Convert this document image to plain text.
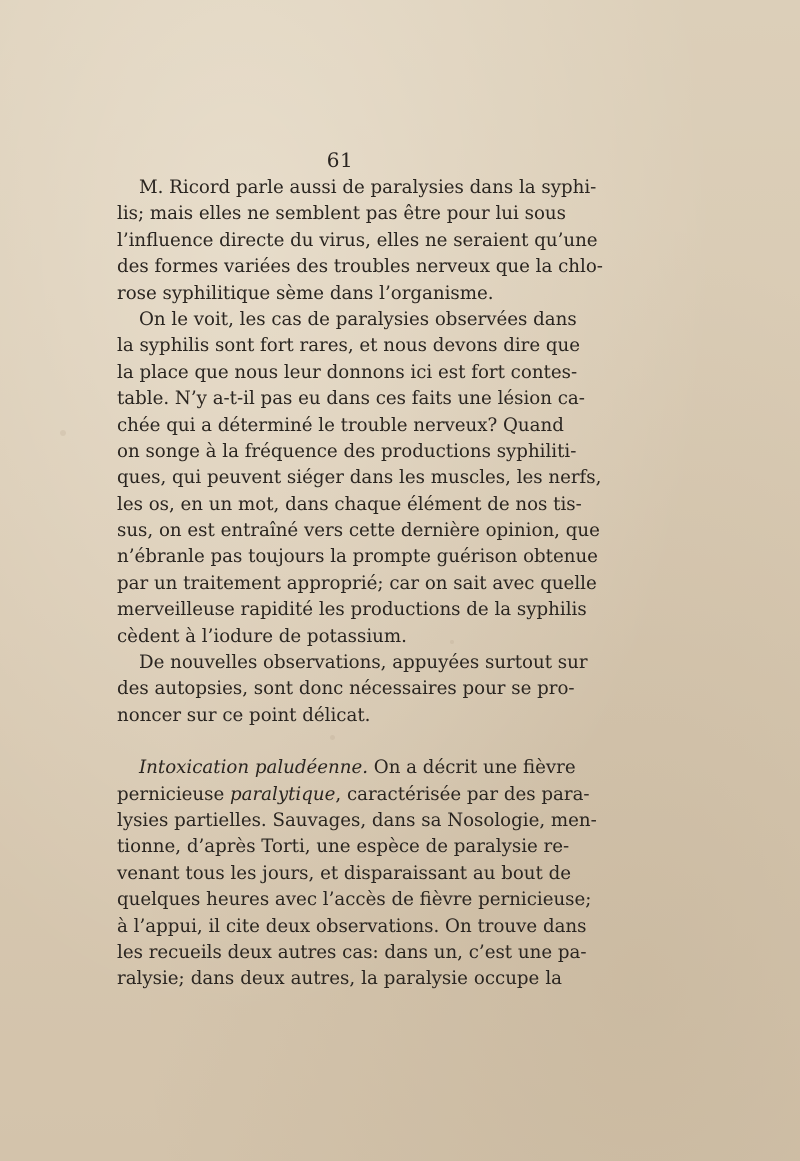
61
M. Ricord parle aussi de paralysies dans la syphi-
lis; mais elles ne semblent pas être pour lui sous
l’influence directe du virus, elles ne seraient qu’une
des formes variées des troubles nerveux que la chlo-
rose syphilitique sème dans l’organisme.
On le voit, les cas de paralysies observées dans
la syphilis sont fort rares, et nous devons dire que
la place que nous leur donnons ici est fort contes-
table. N’y a-t-il pas eu dans ces faits une lésion ca-
chée qui a déterminé le trouble nerveux? Quand
on songe à la fréquence des productions syphiliti-
ques, qui peuvent siéger dans les muscles, les nerfs,
les os, en un mot, dans chaque élément de nos tis-
sus, on est entraîné vers cette dernière opinion, que
n’ébranle pas toujours la prompte guérison obtenue
par un traitement approprié; car on sait avec quelle
merveilleuse rapidité les productions de la syphilis
cèdent à l’iodure de potassium.
De nouvelles observations, appuyées surtout sur
des autopsies, sont donc nécessaires pour se pro-
noncer sur ce point délicat.
Intoxication paludéenne. On a décrit une fièvre
pernicieuse paralytique, caractérisée par des para-
lysies partielles. Sauvages, dans sa Nosologie, men-
tionne, d’après Torti, une espèce de paralysie re-
venant tous les jours, et disparaissant au bout de
quelques heures avec l’accès de fièvre pernicieuse;
à l’appui, il cite deux observations. On trouve dans
les recueils deux autres cas: dans un, c’est une pa-
ralysie; dans deux autres, la paralysie occupe la
